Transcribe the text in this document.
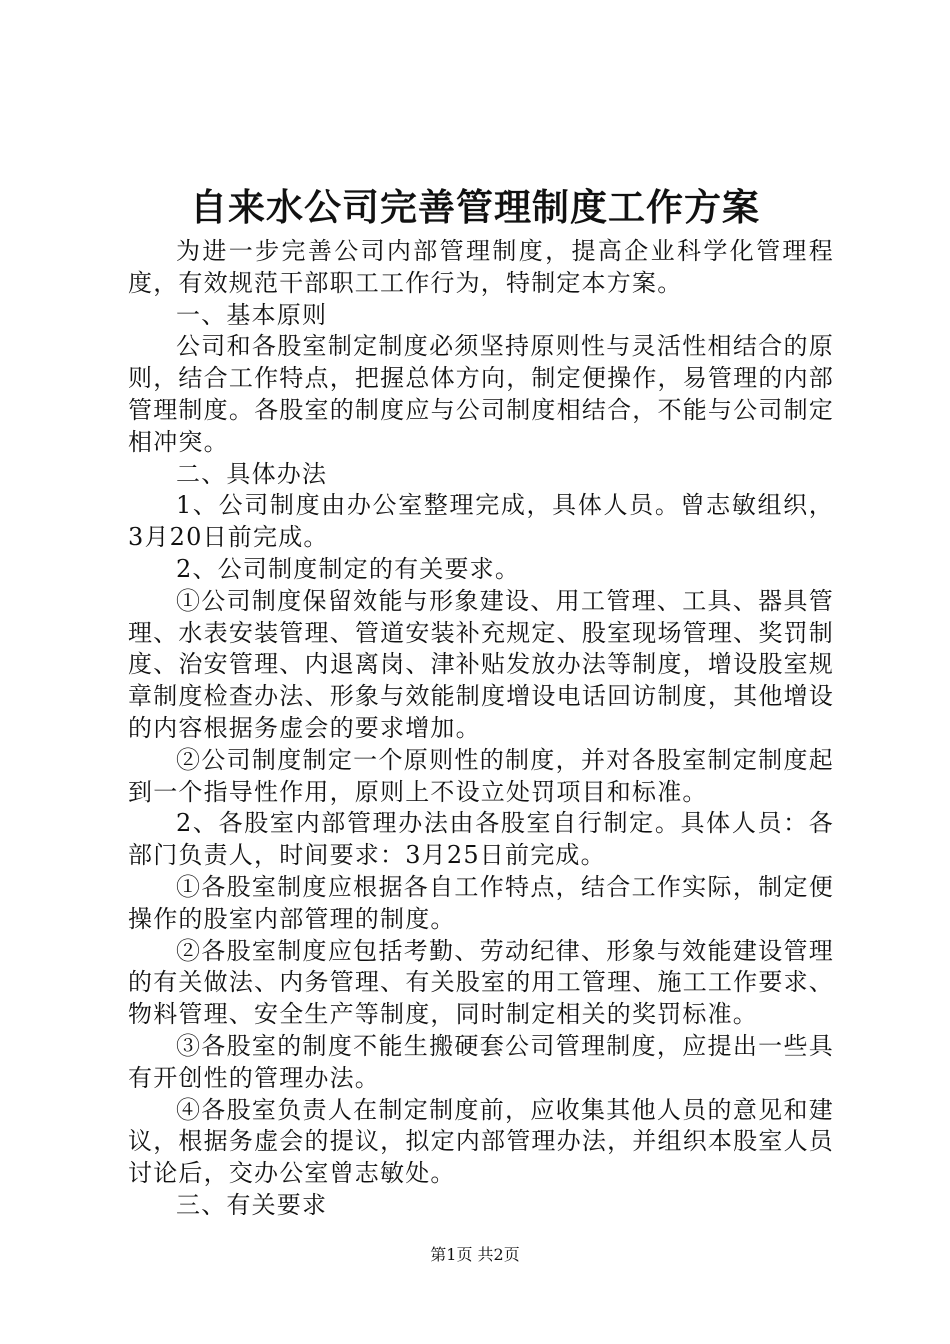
自来水公司完善管理制度工作方案

为进一步完善公司内部管理制度，提高企业科学化管理程度，有效规范干部职工工作行为，特制定本方案。

一、基本原则

公司和各股室制定制度必须坚持原则性与灵活性相结合的原则，结合工作特点，把握总体方向，制定便操作，易管理的内部管理制度。各股室的制度应与公司制度相结合，不能与公司制定相冲突。

二、具体办法

1、公司制度由办公室整理完成，具体人员。曾志敏组织，3月20日前完成。

2、公司制度制定的有关要求。

①公司制度保留效能与形象建设、用工管理、工具、器具管理、水表安装管理、管道安装补充规定、股室现场管理、奖罚制度、治安管理、内退离岗、津补贴发放办法等制度，增设股室规章制度检查办法、形象与效能制度增设电话回访制度，其他增设的内容根据务虚会的要求增加。

②公司制度制定一个原则性的制度，并对各股室制定制度起到一个指导性作用，原则上不设立处罚项目和标准。

2、各股室内部管理办法由各股室自行制定。具体人员：各部门负责人，时间要求：3月25日前完成。

①各股室制度应根据各自工作特点，结合工作实际，制定便操作的股室内部管理的制度。

②各股室制度应包括考勤、劳动纪律、形象与效能建设管理的有关做法、内务管理、有关股室的用工管理、施工工作要求、物料管理、安全生产等制度，同时制定相关的奖罚标准。

③各股室的制度不能生搬硬套公司管理制度，应提出一些具有开创性的管理办法。

④各股室负责人在制定制度前，应收集其他人员的意见和建议，根据务虚会的提议，拟定内部管理办法，并组织本股室人员讨论后，交办公室曾志敏处。

三、有关要求

第1页 共2页
